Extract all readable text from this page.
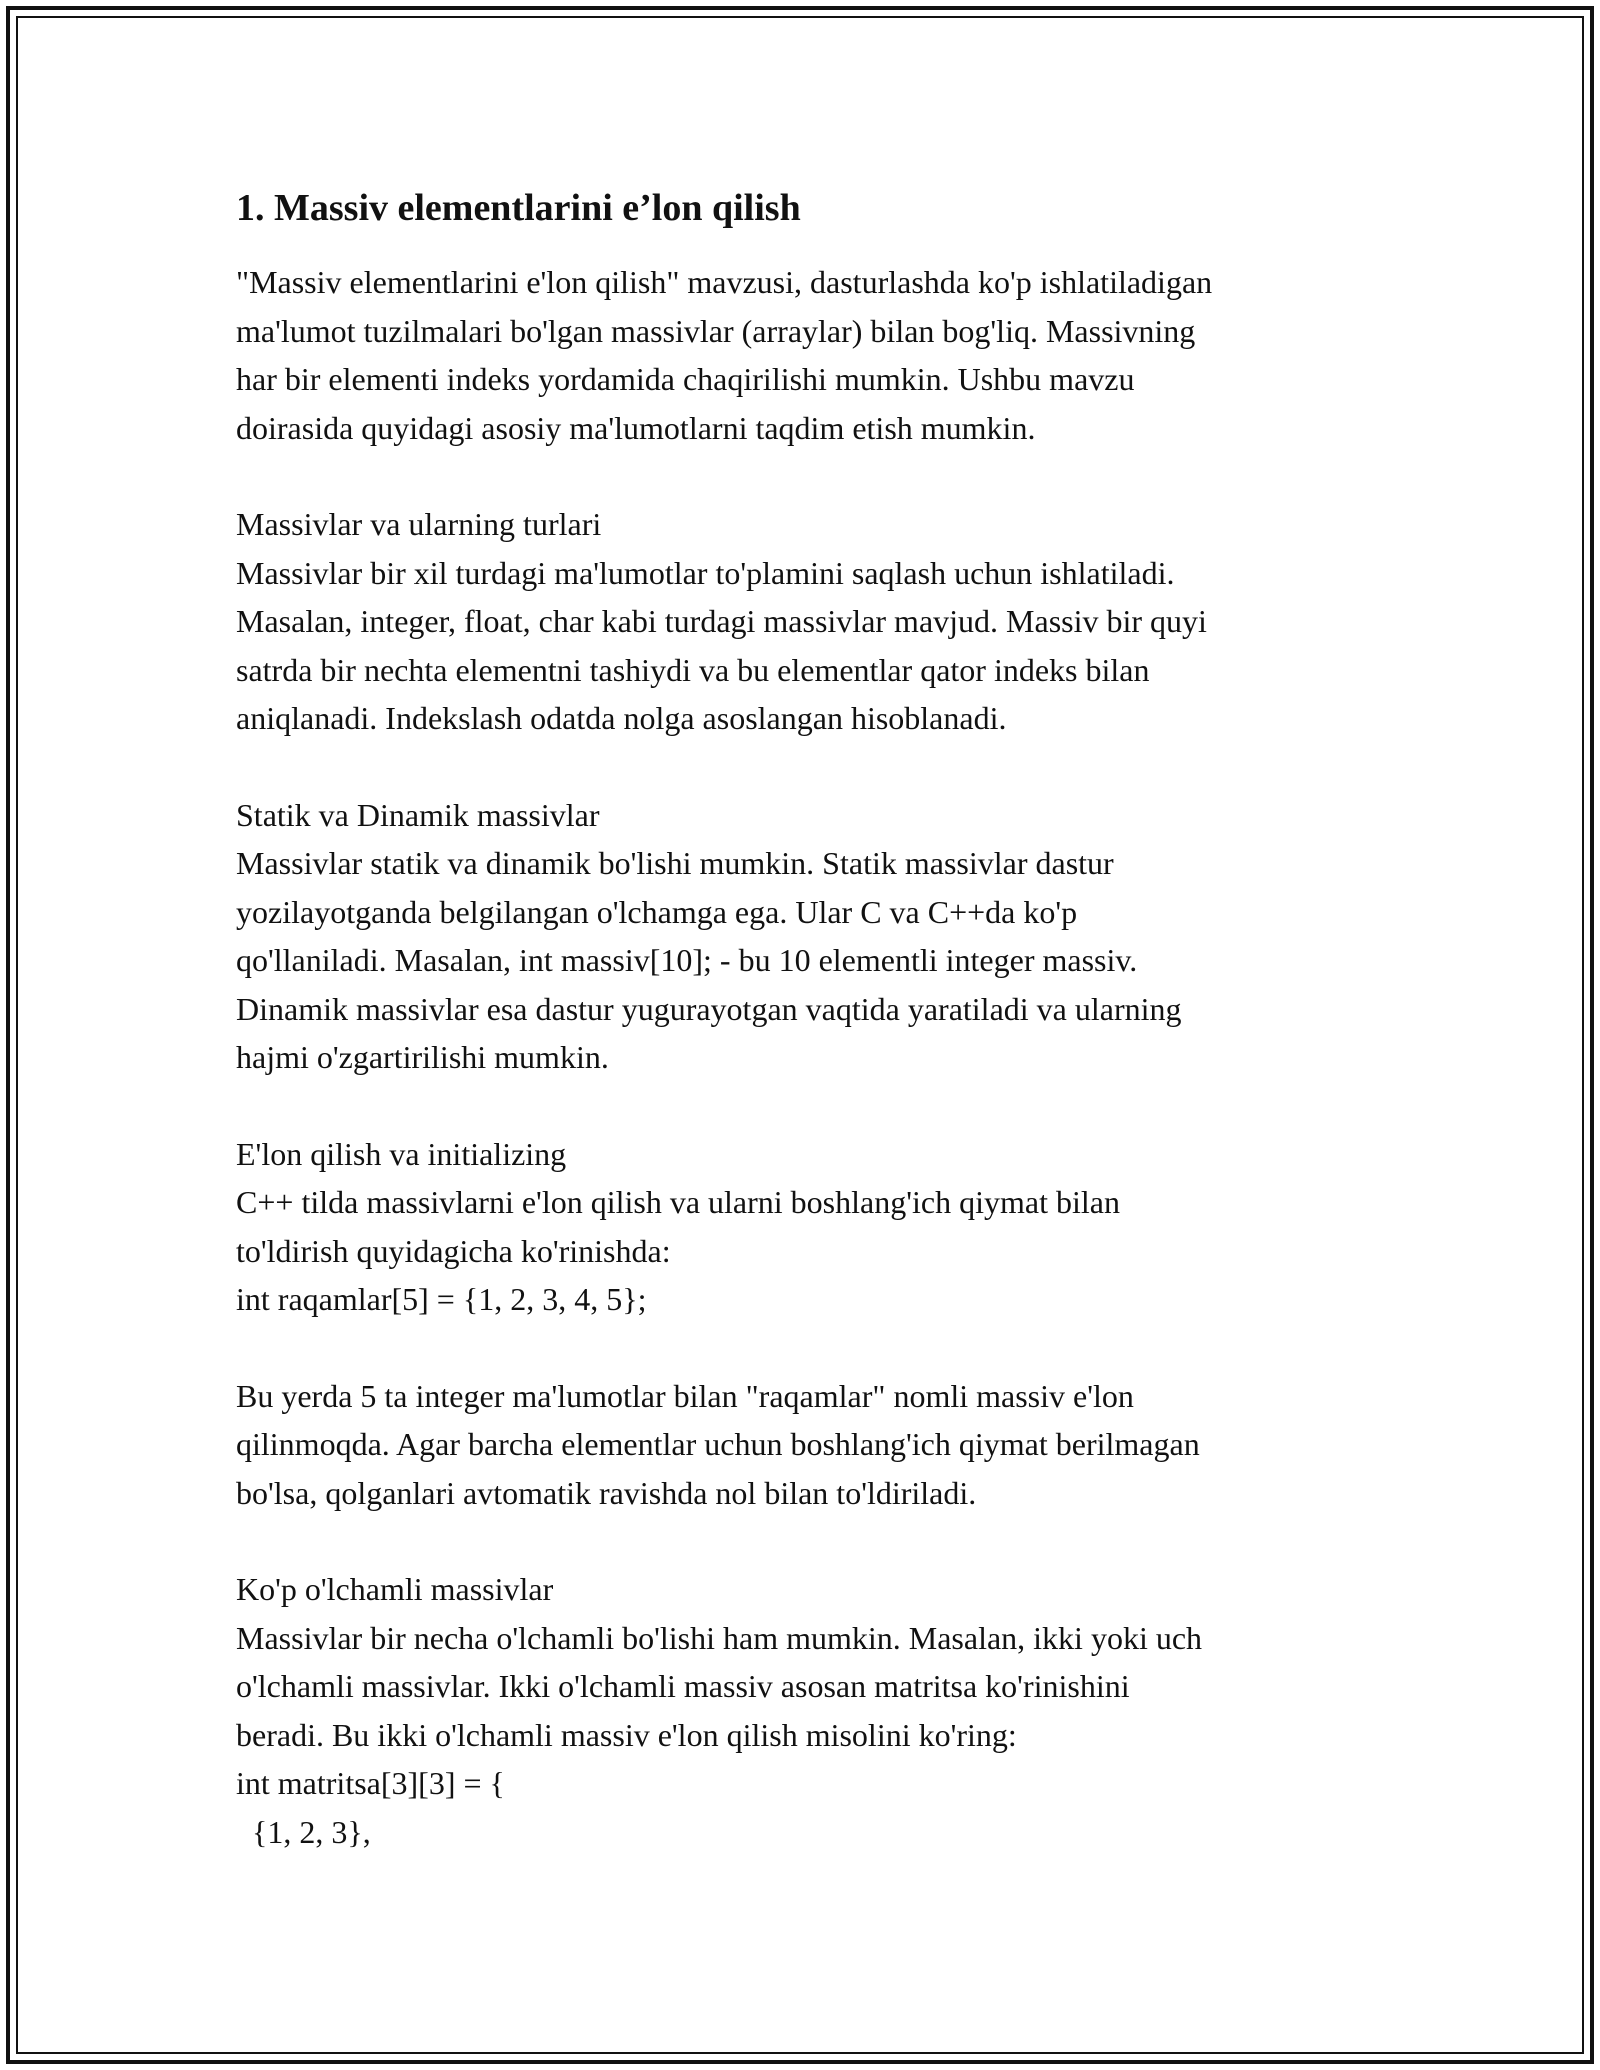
1. Massiv elementlarini e’lon qilish

"Massiv elementlarini e'lon qilish" mavzusi, dasturlashda ko'p ishlatiladigan

ma'lumot tuzilmalari bo'lgan massivlar (arraylar) bilan bog'liq. Massivning

har bir elementi indeks yordamida chaqirilishi mumkin. Ushbu mavzu

doirasida quyidagi asosiy ma'lumotlarni taqdim etish mumkin.

Massivlar va ularning turlari

Massivlar bir xil turdagi ma'lumotlar to'plamini saqlash uchun ishlatiladi.

Masalan, integer, float, char kabi turdagi massivlar mavjud. Massiv bir quyi

satrda bir nechta elementni tashiydi va bu elementlar qator indeks bilan

aniqlanadi. Indekslash odatda nolga asoslangan hisoblanadi.

Statik va Dinamik massivlar

Massivlar statik va dinamik bo'lishi mumkin. Statik massivlar dastur

yozilayotganda belgilangan o'lchamga ega. Ular C va C++da ko'p

qo'llaniladi. Masalan, int massiv[10]; - bu 10 elementli integer massiv.

Dinamik massivlar esa dastur yugurayotgan vaqtida yaratiladi va ularning

hajmi o'zgartirilishi mumkin.

E'lon qilish va initializing

C++ tilda massivlarni e'lon qilish va ularni boshlang'ich qiymat bilan

to'ldirish quyidagicha ko'rinishda:

int raqamlar[5] = {1, 2, 3, 4, 5};

Bu yerda 5 ta integer ma'lumotlar bilan "raqamlar" nomli massiv e'lon

qilinmoqda. Agar barcha elementlar uchun boshlang'ich qiymat berilmagan

bo'lsa, qolganlari avtomatik ravishda nol bilan to'ldiriladi.

Ko'p o'lchamli massivlar

Massivlar bir necha o'lchamli bo'lishi ham mumkin. Masalan, ikki yoki uch

o'lchamli massivlar. Ikki o'lchamli massiv asosan matritsa ko'rinishini

beradi. Bu ikki o'lchamli massiv e'lon qilish misolini ko'ring:

int matritsa[3][3] = {

{1, 2, 3},
